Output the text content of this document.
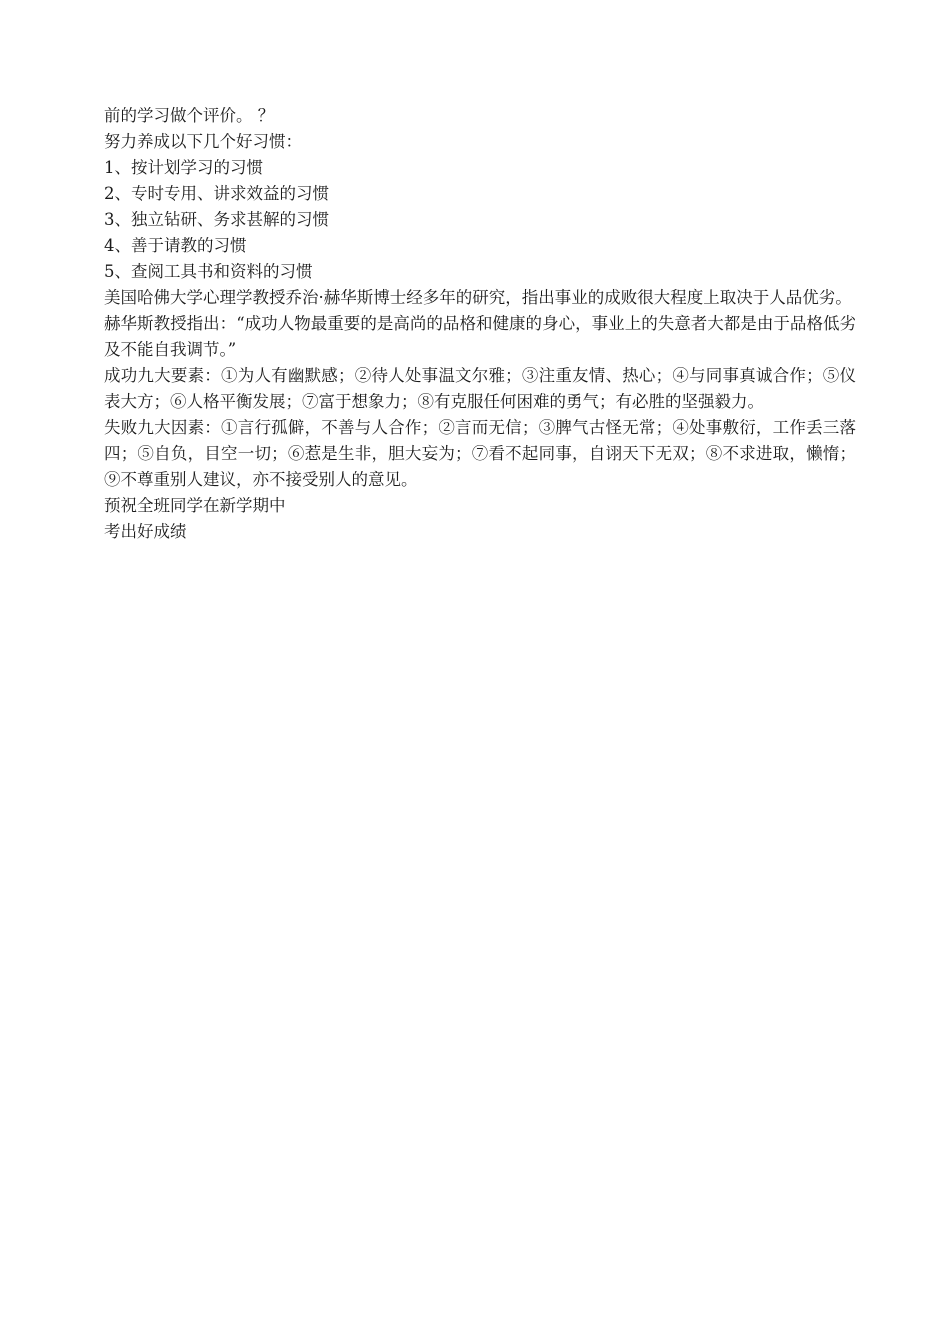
前的学习做个评价。 ？
努力养成以下几个好习惯：
1、按计划学习的习惯
2、专时专用、讲求效益的习惯
3、独立钻研、务求甚解的习惯
4、善于请教的习惯
5、查阅工具书和资料的习惯
美国哈佛大学心理学教授乔治·赫华斯博士经多年的研究，指出事业的成败很大程度上取决于人品优劣。
赫华斯教授指出：“成功人物最重要的是高尚的品格和健康的身心，事业上的失意者大都是由于品格低劣及不能自我调节。”
成功九大要素：①为人有幽默感；②待人处事温文尔雅；③注重友情、热心；④与同事真诚合作；⑤仪表大方；⑥人格平衡发展；⑦富于想象力；⑧有克服任何困难的勇气；有必胜的坚强毅力。
失败九大因素：①言行孤僻，不善与人合作；②言而无信；③脾气古怪无常；④处事敷衍，工作丢三落四；⑤自负，目空一切；⑥惹是生非，胆大妄为；⑦看不起同事，自诩天下无双；⑧不求进取，懒惰；⑨不尊重别人建议，亦不接受别人的意见。
预祝全班同学在新学期中
考出好成绩
